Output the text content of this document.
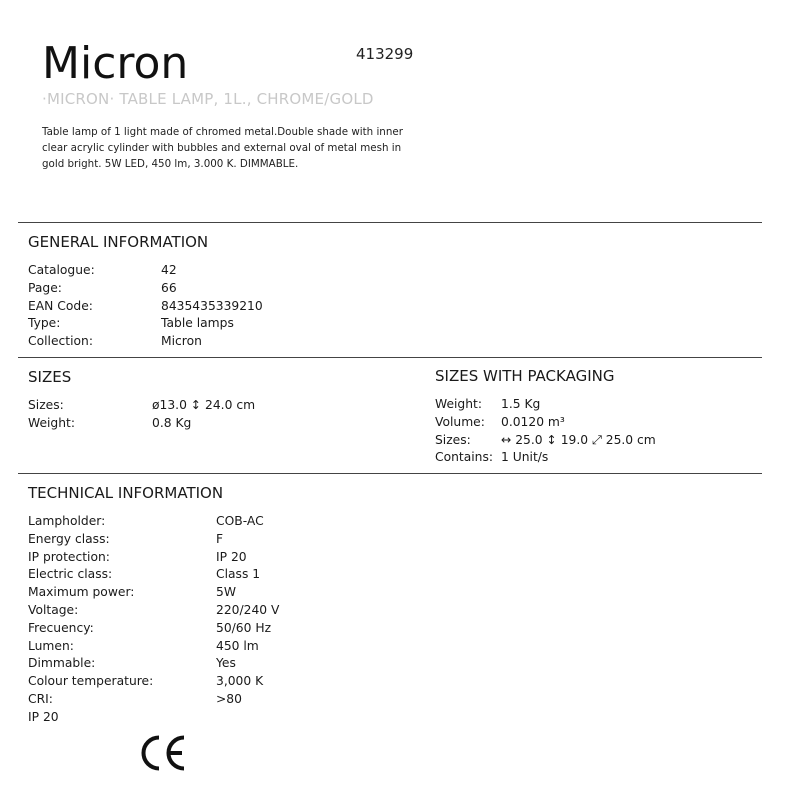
Micron	413299
·MICRON· TABLE LAMP, 1L., CHROME/GOLD
Table lamp of 1 light made of chromed metal.Double shade with inner clear acrylic cylinder with bubbles and external oval of metal mesh in gold bright. 5W LED, 450 lm, 3.000 K. DIMMABLE.
GENERAL INFORMATION
Catalogue:	42
Page:	66
EAN Code:	8435435339210
Type:	Table lamps
Collection:	Micron
SIZES
Sizes:	ø13.0 ↕ 24.0 cm
Weight:	0.8 Kg
SIZES WITH PACKAGING
Weight:	1.5 Kg
Volume:	0.0120 m³
Sizes:	↔ 25.0 ↕ 19.0 ⤢ 25.0 cm
Contains: 1 Unit/s
TECHNICAL INFORMATION
Lampholder:	COB-AC
Energy class:	F
IP protection:	IP 20
Electric class:	Class 1
Maximum power:	5W
Voltage:	220/240 V
Frecuency:	50/60 Hz
Lumen:	450 lm
Dimmable:	Yes
Colour temperature:	3,000 K
CRI:	>80
IP 20
